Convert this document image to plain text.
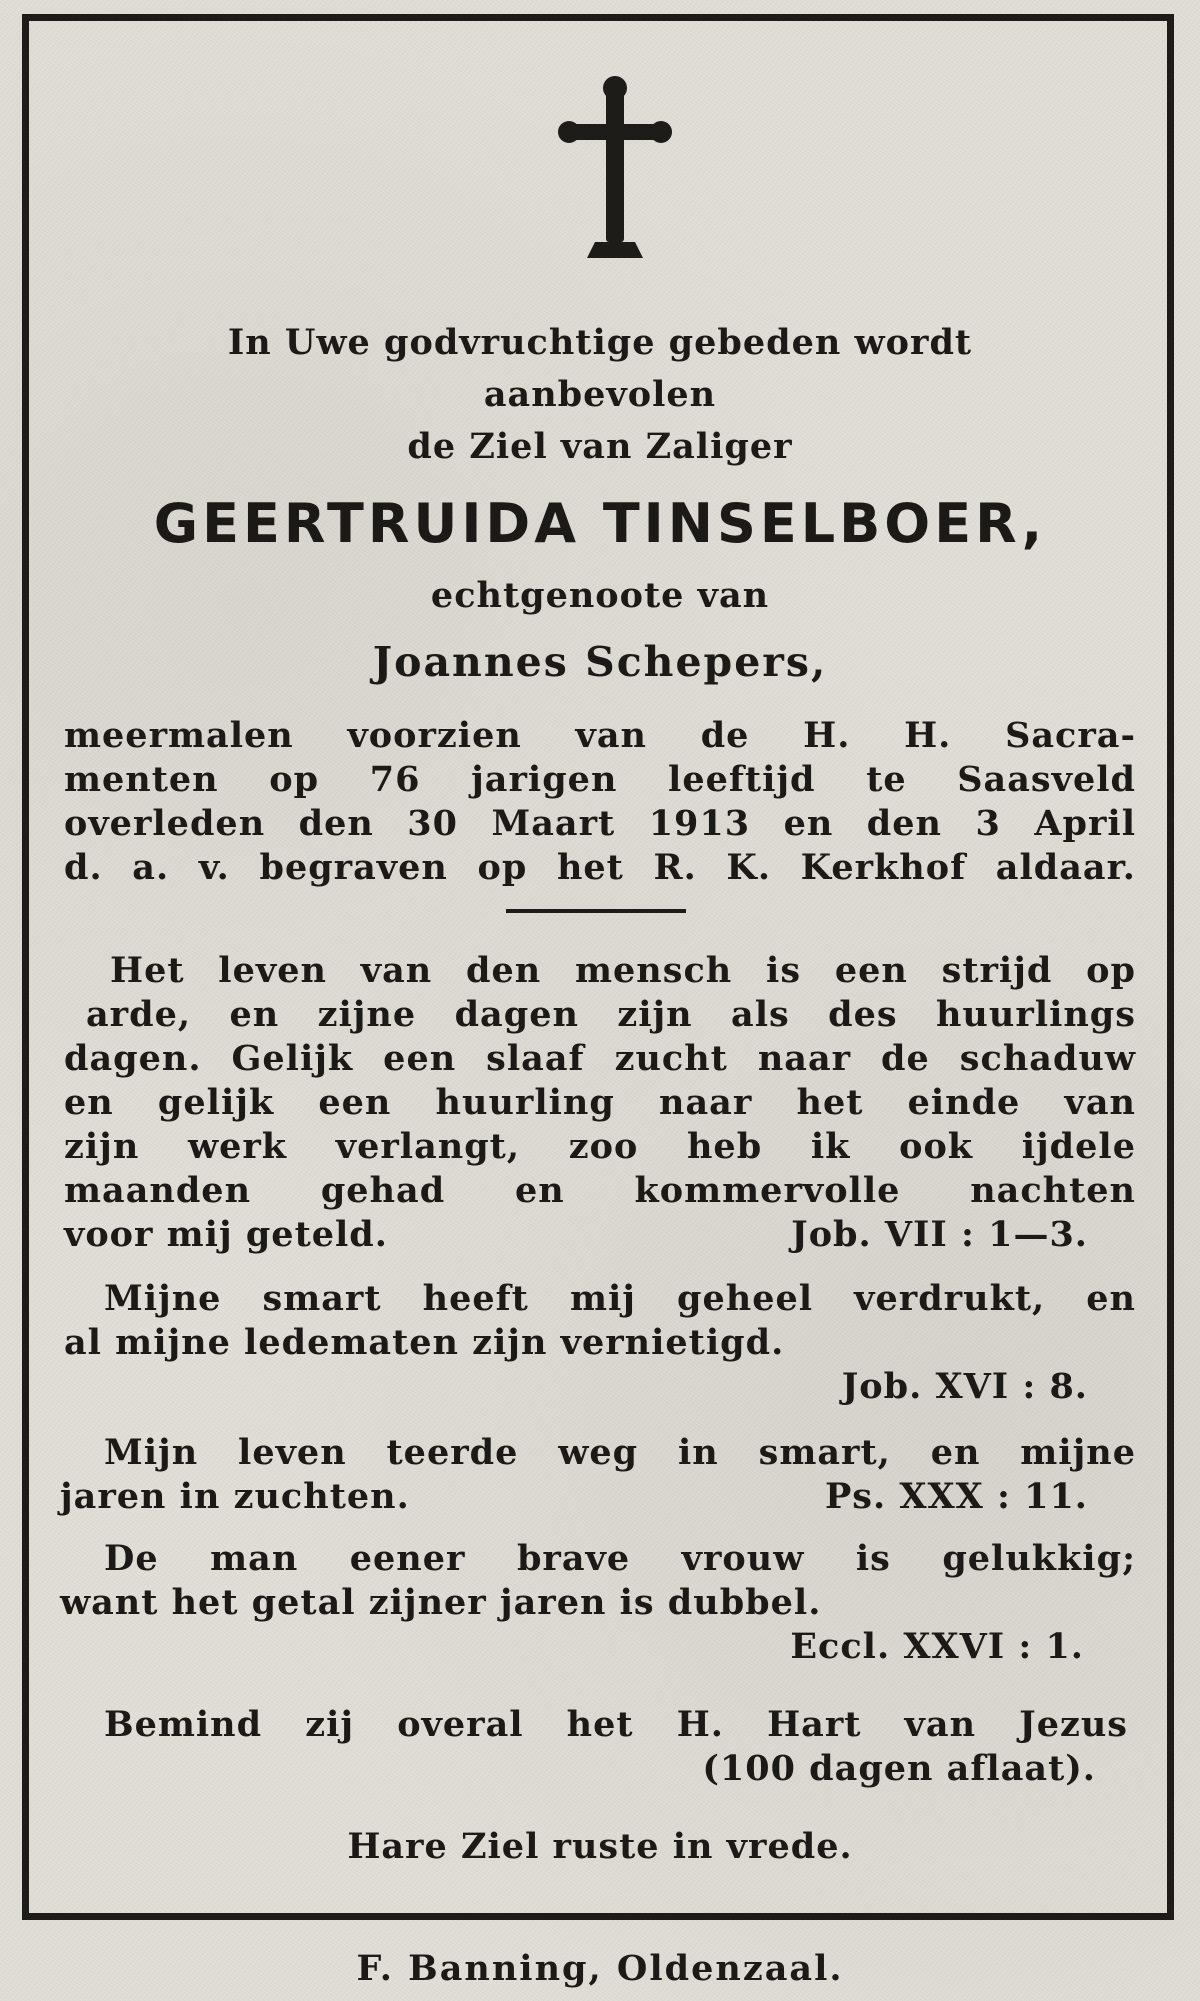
In Uwe godvruchtige gebeden wordt

aanbevolen

de Ziel van Zaliger

GEERTRUIDA TINSELBOER,

echtgenoote van

Joannes Schepers,

meermalen voorzien van de H. H. Sacra-

menten op 76 jarigen leeftijd te Saasveld

overleden den 30 Maart 1913 en den 3 April

d. a. v. begraven op het R. K. Kerkhof aldaar.

Het leven van den mensch is een strijd op

arde, en zijne dagen zijn als des huurlings

dagen. Gelijk een slaaf zucht naar de schaduw

en gelijk een huurling naar het einde van

zijn werk verlangt, zoo heb ik ook ijdele

maanden gehad en kommervolle nachten

voor mij geteld.	Job. VII : 1—3.

Mijne smart heeft mij geheel verdrukt, en

al mijne ledematen zijn vernietigd.

Job. XVI : 8.

Mijn leven teerde weg in smart, en mijne

jaren in zuchten.	Ps. XXX : 11.

De man eener brave vrouw is gelukkig;

want het getal zijner jaren is dubbel.

Eccl. XXVI : 1.

Bemind zij overal het H. Hart van Jezus

(100 dagen aflaat).

Hare Ziel ruste in vrede.

F. Banning, Oldenzaal.
